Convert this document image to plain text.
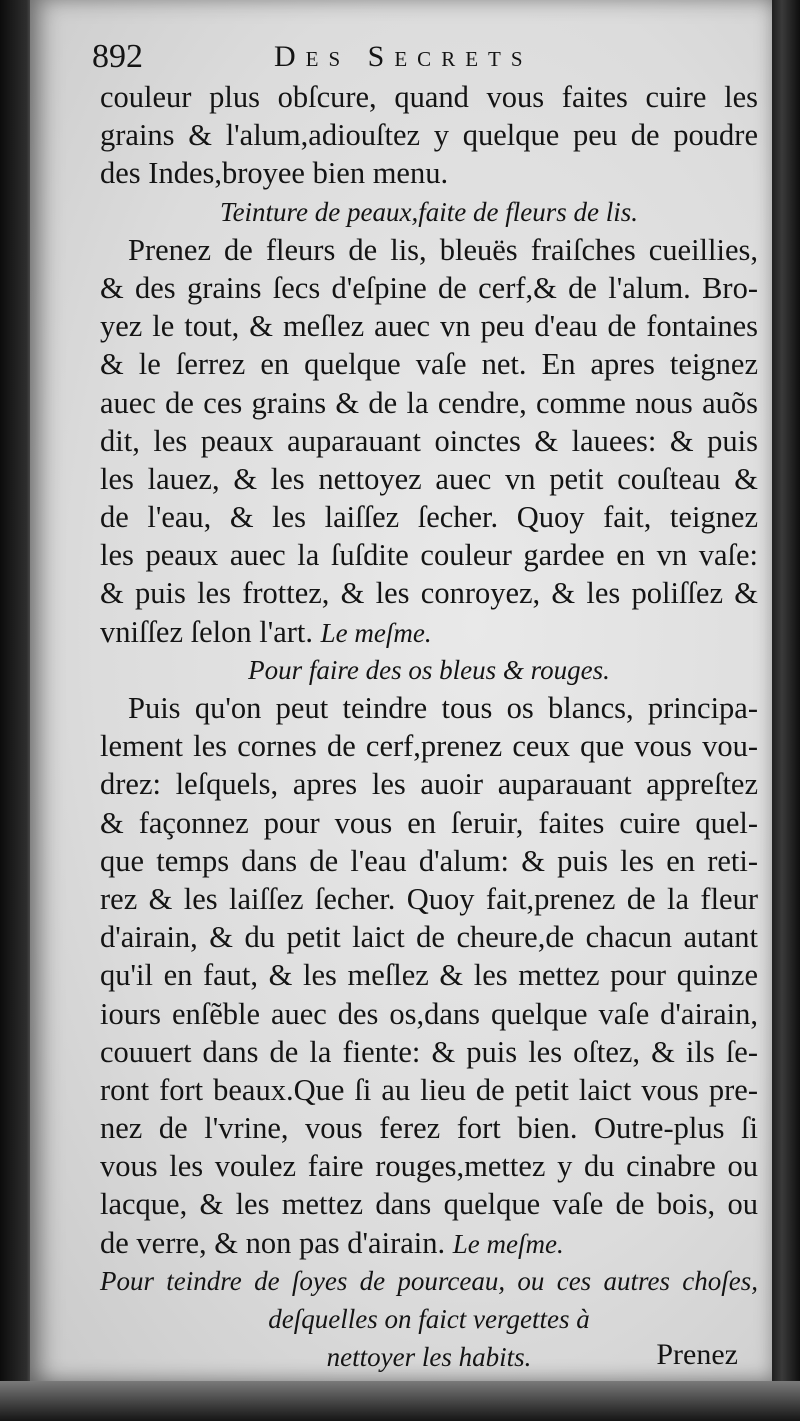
892	Des Secrets
couleur plus obſcure, quand vous faites cuire les
grains & l'alum,adiouſtez y quelque peu de poudre
des Indes,broyee bien menu.
Teinture de peaux,faite de fleurs de lis.
Prenez de fleurs de lis, bleuës fraiſches cueillies,
& des grains ſecs d'eſpine de cerf,& de l'alum. Bro-
yez le tout, & meſlez auec vn peu d'eau de fontaines
& le ſerrez en quelque vaſe net. En apres teignez
auec de ces grains & de la cendre, comme nous auõs
dit, les peaux auparauant oinctes & lauees: & puis
les lauez, & les nettoyez auec vn petit couſteau &
de l'eau, & les laiſſez ſecher. Quoy fait, teignez
les peaux auec la ſuſdite couleur gardee en vn vaſe:
& puis les frottez, & les conroyez, & les poliſſez &
vniſſez ſelon l'art. Le meſme.
Pour faire des os bleus & rouges.
Puis qu'on peut teindre tous os blancs, principa-
lement les cornes de cerf,prenez ceux que vous vou-
drez: leſquels, apres les auoir auparauant appreſtez
& façonnez pour vous en ſeruir, faites cuire quel-
que temps dans de l'eau d'alum: & puis les en reti-
rez & les laiſſez ſecher. Quoy fait,prenez de la fleur
d'airain, & du petit laict de cheure,de chacun autant
qu'il en faut, & les meſlez & les mettez pour quinze
iours enſẽble auec des os,dans quelque vaſe d'airain,
couuert dans de la fiente: & puis les oſtez, & ils ſe-
ront fort beaux.Que ſi au lieu de petit laict vous pre-
nez de l'vrine, vous ferez fort bien. Outre-plus ſi
vous les voulez faire rouges,mettez y du cinabre ou
lacque, & les mettez dans quelque vaſe de bois, ou
de verre, & non pas d'airain. Le meſme.
Pour teindre de ſoyes de pourceau, ou ces autres choſes,
deſquelles on faict vergettes à
nettoyer les habits.	Prenez
